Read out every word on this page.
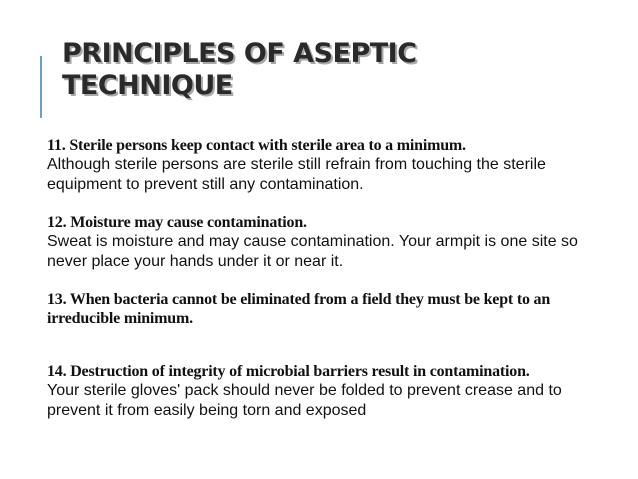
PRINCIPLES OF ASEPTIC
TECHNIQUE
11. Sterile persons keep contact with sterile area to a minimum.
Although sterile persons are sterile still refrain from touching the sterile equipment to prevent still any contamination.
12. Moisture may cause contamination.
Sweat is moisture and may cause contamination. Your armpit is one site so never place your hands under it or near it.
13. When bacteria cannot be eliminated from a field they must be kept to an irreducible minimum.
14. Destruction of integrity of microbial barriers result in contamination.
Your sterile gloves' pack should never be folded to prevent crease and to prevent it from easily being torn and exposed
